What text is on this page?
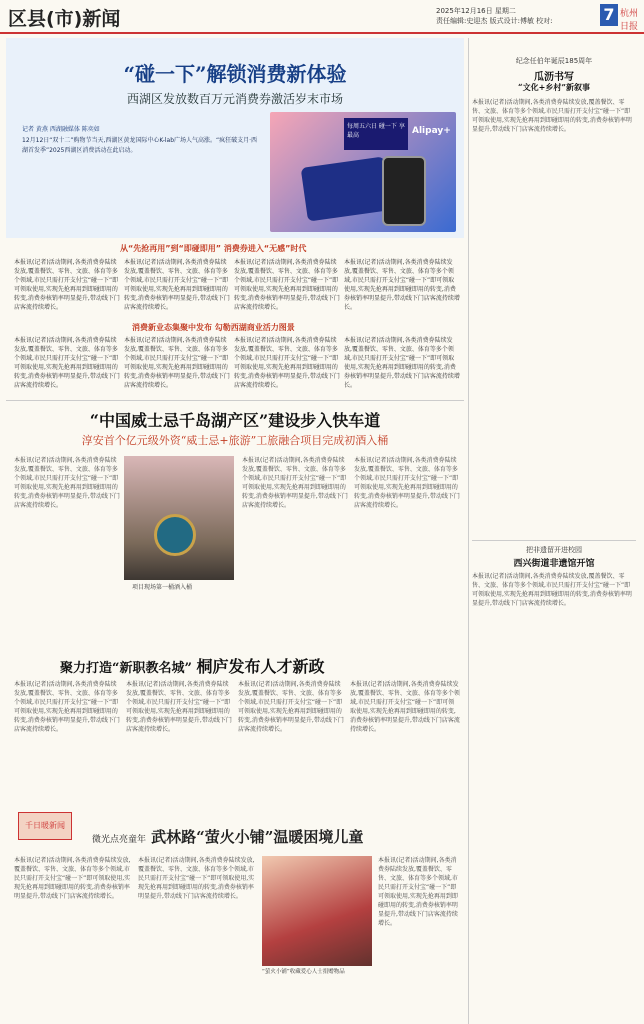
区县(市)新闻	2025年12月16日 星期二
责任编辑:史迎杰 版式设计:傅敏 校对:	7 杭州日报
“碰一下”解锁消费新体验
西湖区发放数百万元消费券激活岁末市场
记者 黄燕 西湖融媒体 陈奕如
12月12日“双十二”购物节当天,西湖区黄龙国际中心K-lab广场人气高涨。“疯狂破支月·西湖首发季”2025西湖区消费活动在此启动。
每周五六日 碰一下 享最高	Alipay+
从“先抢再用”到“即碰即用” 消费券进入“无感”时代
本报讯(记者)活动期间,各类消费券陆续发放,覆盖餐饮、零售、文旅、体育等多个领域,市民只需打开支付宝“碰一下”即可领取使用,实现先抢再用到即碰即用的转变,消费券核销率明显提升,带动线下门店客流持续增长。
本报讯(记者)活动期间,各类消费券陆续发放,覆盖餐饮、零售、文旅、体育等多个领域,市民只需打开支付宝“碰一下”即可领取使用,实现先抢再用到即碰即用的转变,消费券核销率明显提升,带动线下门店客流持续增长。
本报讯(记者)活动期间,各类消费券陆续发放,覆盖餐饮、零售、文旅、体育等多个领域,市民只需打开支付宝“碰一下”即可领取使用,实现先抢再用到即碰即用的转变,消费券核销率明显提升,带动线下门店客流持续增长。
本报讯(记者)活动期间,各类消费券陆续发放,覆盖餐饮、零售、文旅、体育等多个领域,市民只需打开支付宝“碰一下”即可领取使用,实现先抢再用到即碰即用的转变,消费券核销率明显提升,带动线下门店客流持续增长。
消费新业态集聚中发布 勾勒西湖商业活力图景
本报讯(记者)活动期间,各类消费券陆续发放,覆盖餐饮、零售、文旅、体育等多个领域,市民只需打开支付宝“碰一下”即可领取使用,实现先抢再用到即碰即用的转变,消费券核销率明显提升,带动线下门店客流持续增长。
本报讯(记者)活动期间,各类消费券陆续发放,覆盖餐饮、零售、文旅、体育等多个领域,市民只需打开支付宝“碰一下”即可领取使用,实现先抢再用到即碰即用的转变,消费券核销率明显提升,带动线下门店客流持续增长。
本报讯(记者)活动期间,各类消费券陆续发放,覆盖餐饮、零售、文旅、体育等多个领域,市民只需打开支付宝“碰一下”即可领取使用,实现先抢再用到即碰即用的转变,消费券核销率明显提升,带动线下门店客流持续增长。
本报讯(记者)活动期间,各类消费券陆续发放,覆盖餐饮、零售、文旅、体育等多个领域,市民只需打开支付宝“碰一下”即可领取使用,实现先抢再用到即碰即用的转变,消费券核销率明显提升,带动线下门店客流持续增长。
“中国威士忌千岛湖产区”建设步入快车道
淳安首个亿元级外资“威士忌+旅游”工旅融合项目完成初酒入桶
本报讯(记者)活动期间,各类消费券陆续发放,覆盖餐饮、零售、文旅、体育等多个领域,市民只需打开支付宝“碰一下”即可领取使用,实现先抢再用到即碰即用的转变,消费券核销率明显提升,带动线下门店客流持续增长。
项目现场第一桶酒入桶
本报讯(记者)活动期间,各类消费券陆续发放,覆盖餐饮、零售、文旅、体育等多个领域,市民只需打开支付宝“碰一下”即可领取使用,实现先抢再用到即碰即用的转变,消费券核销率明显提升,带动线下门店客流持续增长。
本报讯(记者)活动期间,各类消费券陆续发放,覆盖餐饮、零售、文旅、体育等多个领域,市民只需打开支付宝“碰一下”即可领取使用,实现先抢再用到即碰即用的转变,消费券核销率明显提升,带动线下门店客流持续增长。
聚力打造“新职教名城” 桐庐发布人才新政
本报讯(记者)活动期间,各类消费券陆续发放,覆盖餐饮、零售、文旅、体育等多个领域,市民只需打开支付宝“碰一下”即可领取使用,实现先抢再用到即碰即用的转变,消费券核销率明显提升,带动线下门店客流持续增长。
本报讯(记者)活动期间,各类消费券陆续发放,覆盖餐饮、零售、文旅、体育等多个领域,市民只需打开支付宝“碰一下”即可领取使用,实现先抢再用到即碰即用的转变,消费券核销率明显提升,带动线下门店客流持续增长。
本报讯(记者)活动期间,各类消费券陆续发放,覆盖餐饮、零售、文旅、体育等多个领域,市民只需打开支付宝“碰一下”即可领取使用,实现先抢再用到即碰即用的转变,消费券核销率明显提升,带动线下门店客流持续增长。
本报讯(记者)活动期间,各类消费券陆续发放,覆盖餐饮、零售、文旅、体育等多个领域,市民只需打开支付宝“碰一下”即可领取使用,实现先抢再用到即碰即用的转变,消费券核销率明显提升,带动线下门店客流持续增长。
千日暖新闻
微光点亮童年 武林路“萤火小铺”温暖困境儿童
本报讯(记者)活动期间,各类消费券陆续发放,覆盖餐饮、零售、文旅、体育等多个领域,市民只需打开支付宝“碰一下”即可领取使用,实现先抢再用到即碰即用的转变,消费券核销率明显提升,带动线下门店客流持续增长。
本报讯(记者)活动期间,各类消费券陆续发放,覆盖餐饮、零售、文旅、体育等多个领域,市民只需打开支付宝“碰一下”即可领取使用,实现先抢再用到即碰即用的转变,消费券核销率明显提升,带动线下门店客流持续增长。
“萤火小铺”收藏爱心人士捐赠物品
本报讯(记者)活动期间,各类消费券陆续发放,覆盖餐饮、零售、文旅、体育等多个领域,市民只需打开支付宝“碰一下”即可领取使用,实现先抢再用到即碰即用的转变,消费券核销率明显提升,带动线下门店客流持续增长。
纪念任伯年诞辰185周年
瓜沥书写
“文化+乡村”新叙事
本报讯(记者)活动期间,各类消费券陆续发放,覆盖餐饮、零售、文旅、体育等多个领域,市民只需打开支付宝“碰一下”即可领取使用,实现先抢再用到即碰即用的转变,消费券核销率明显提升,带动线下门店客流持续增长。
把非遗留开进校园
西兴街道非遗馆开馆
本报讯(记者)活动期间,各类消费券陆续发放,覆盖餐饮、零售、文旅、体育等多个领域,市民只需打开支付宝“碰一下”即可领取使用,实现先抢再用到即碰即用的转变,消费券核销率明显提升,带动线下门店客流持续增长。
